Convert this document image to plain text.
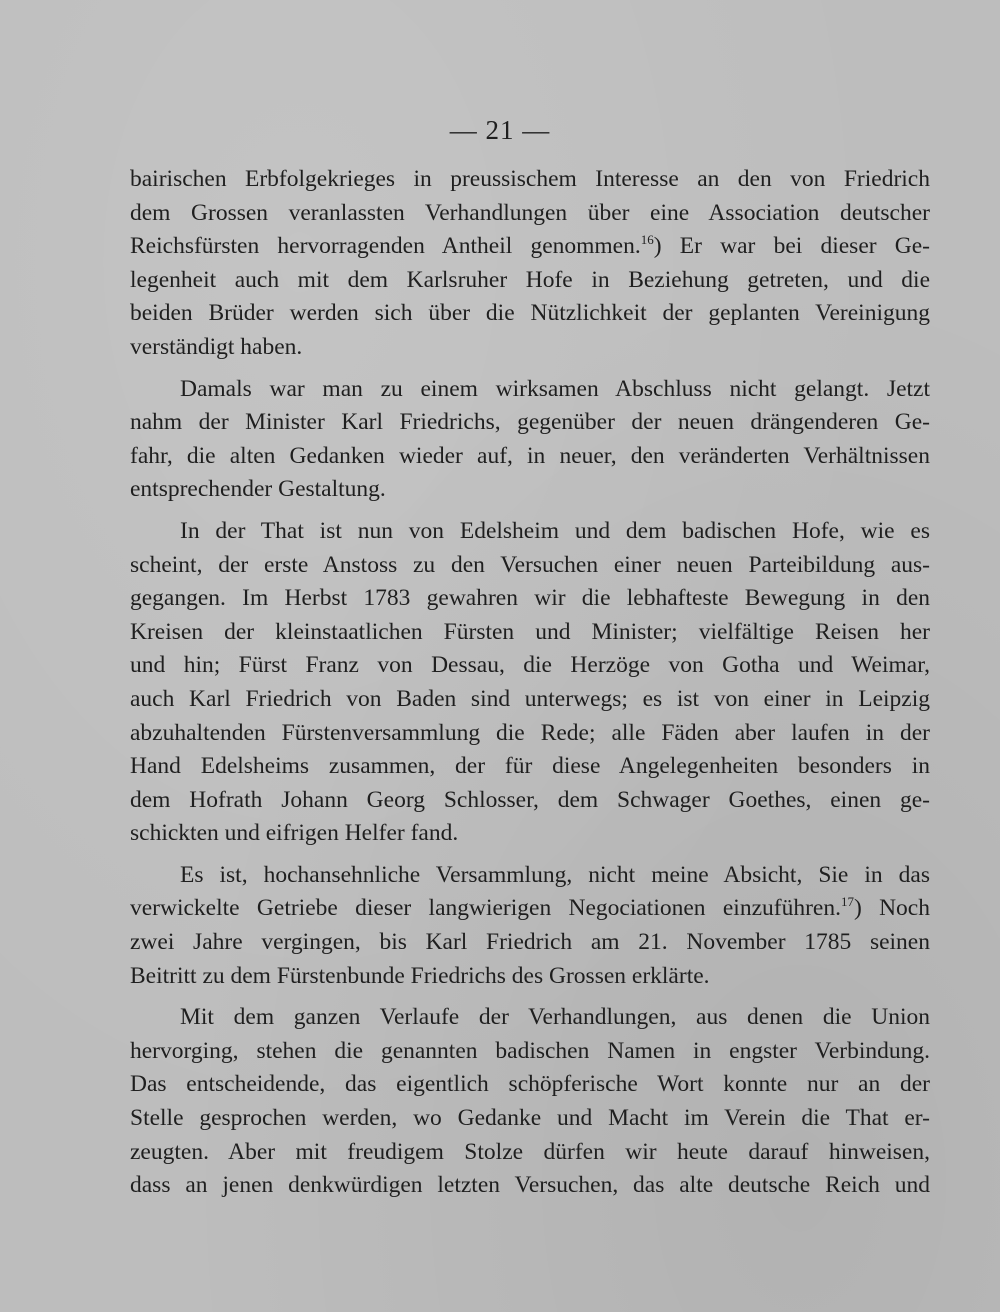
— 21 —

bairischen Erbfolgekrieges in preussischem Interesse an den von Friedrich
dem Grossen veranlassten Verhandlungen über eine Association deutscher
Reichsfürsten hervorragenden Antheil genommen.$^{16}$) Er war bei dieser Ge-
legenheit auch mit dem Karlsruher Hofe in Beziehung getreten, und die
beiden Brüder werden sich über die Nützlichkeit der geplanten Vereinigung
verständigt haben.

Damals war man zu einem wirksamen Abschluss nicht gelangt. Jetzt
nahm der Minister Karl Friedrichs, gegenüber der neuen drängenderen Ge-
fahr, die alten Gedanken wieder auf, in neuer, den veränderten Verhältnissen
entsprechender Gestaltung.

In der That ist nun von Edelsheim und dem badischen Hofe, wie es
scheint, der erste Anstoss zu den Versuchen einer neuen Parteibildung aus-
gegangen. Im Herbst 1783 gewahren wir die lebhafteste Bewegung in den
Kreisen der kleinstaatlichen Fürsten und Minister; vielfältige Reisen her
und hin; Fürst Franz von Dessau, die Herzöge von Gotha und Weimar,
auch Karl Friedrich von Baden sind unterwegs; es ist von einer in Leipzig
abzuhaltenden Fürstenversammlung die Rede; alle Fäden aber laufen in der
Hand Edelsheims zusammen, der für diese Angelegenheiten besonders in
dem Hofrath Johann Georg Schlosser, dem Schwager Goethes, einen ge-
schickten und eifrigen Helfer fand.

Es ist, hochansehnliche Versammlung, nicht meine Absicht, Sie in das
verwickelte Getriebe dieser langwierigen Negociationen einzuführen.$^{17}$) Noch
zwei Jahre vergingen, bis Karl Friedrich am 21. November 1785 seinen
Beitritt zu dem Fürstenbunde Friedrichs des Grossen erklärte.

Mit dem ganzen Verlaufe der Verhandlungen, aus denen die Union
hervorging, stehen die genannten badischen Namen in engster Verbindung.
Das entscheidende, das eigentlich schöpferische Wort konnte nur an der
Stelle gesprochen werden, wo Gedanke und Macht im Verein die That er-
zeugten. Aber mit freudigem Stolze dürfen wir heute darauf hinweisen,
dass an jenen denkwürdigen letzten Versuchen, das alte deutsche Reich und
